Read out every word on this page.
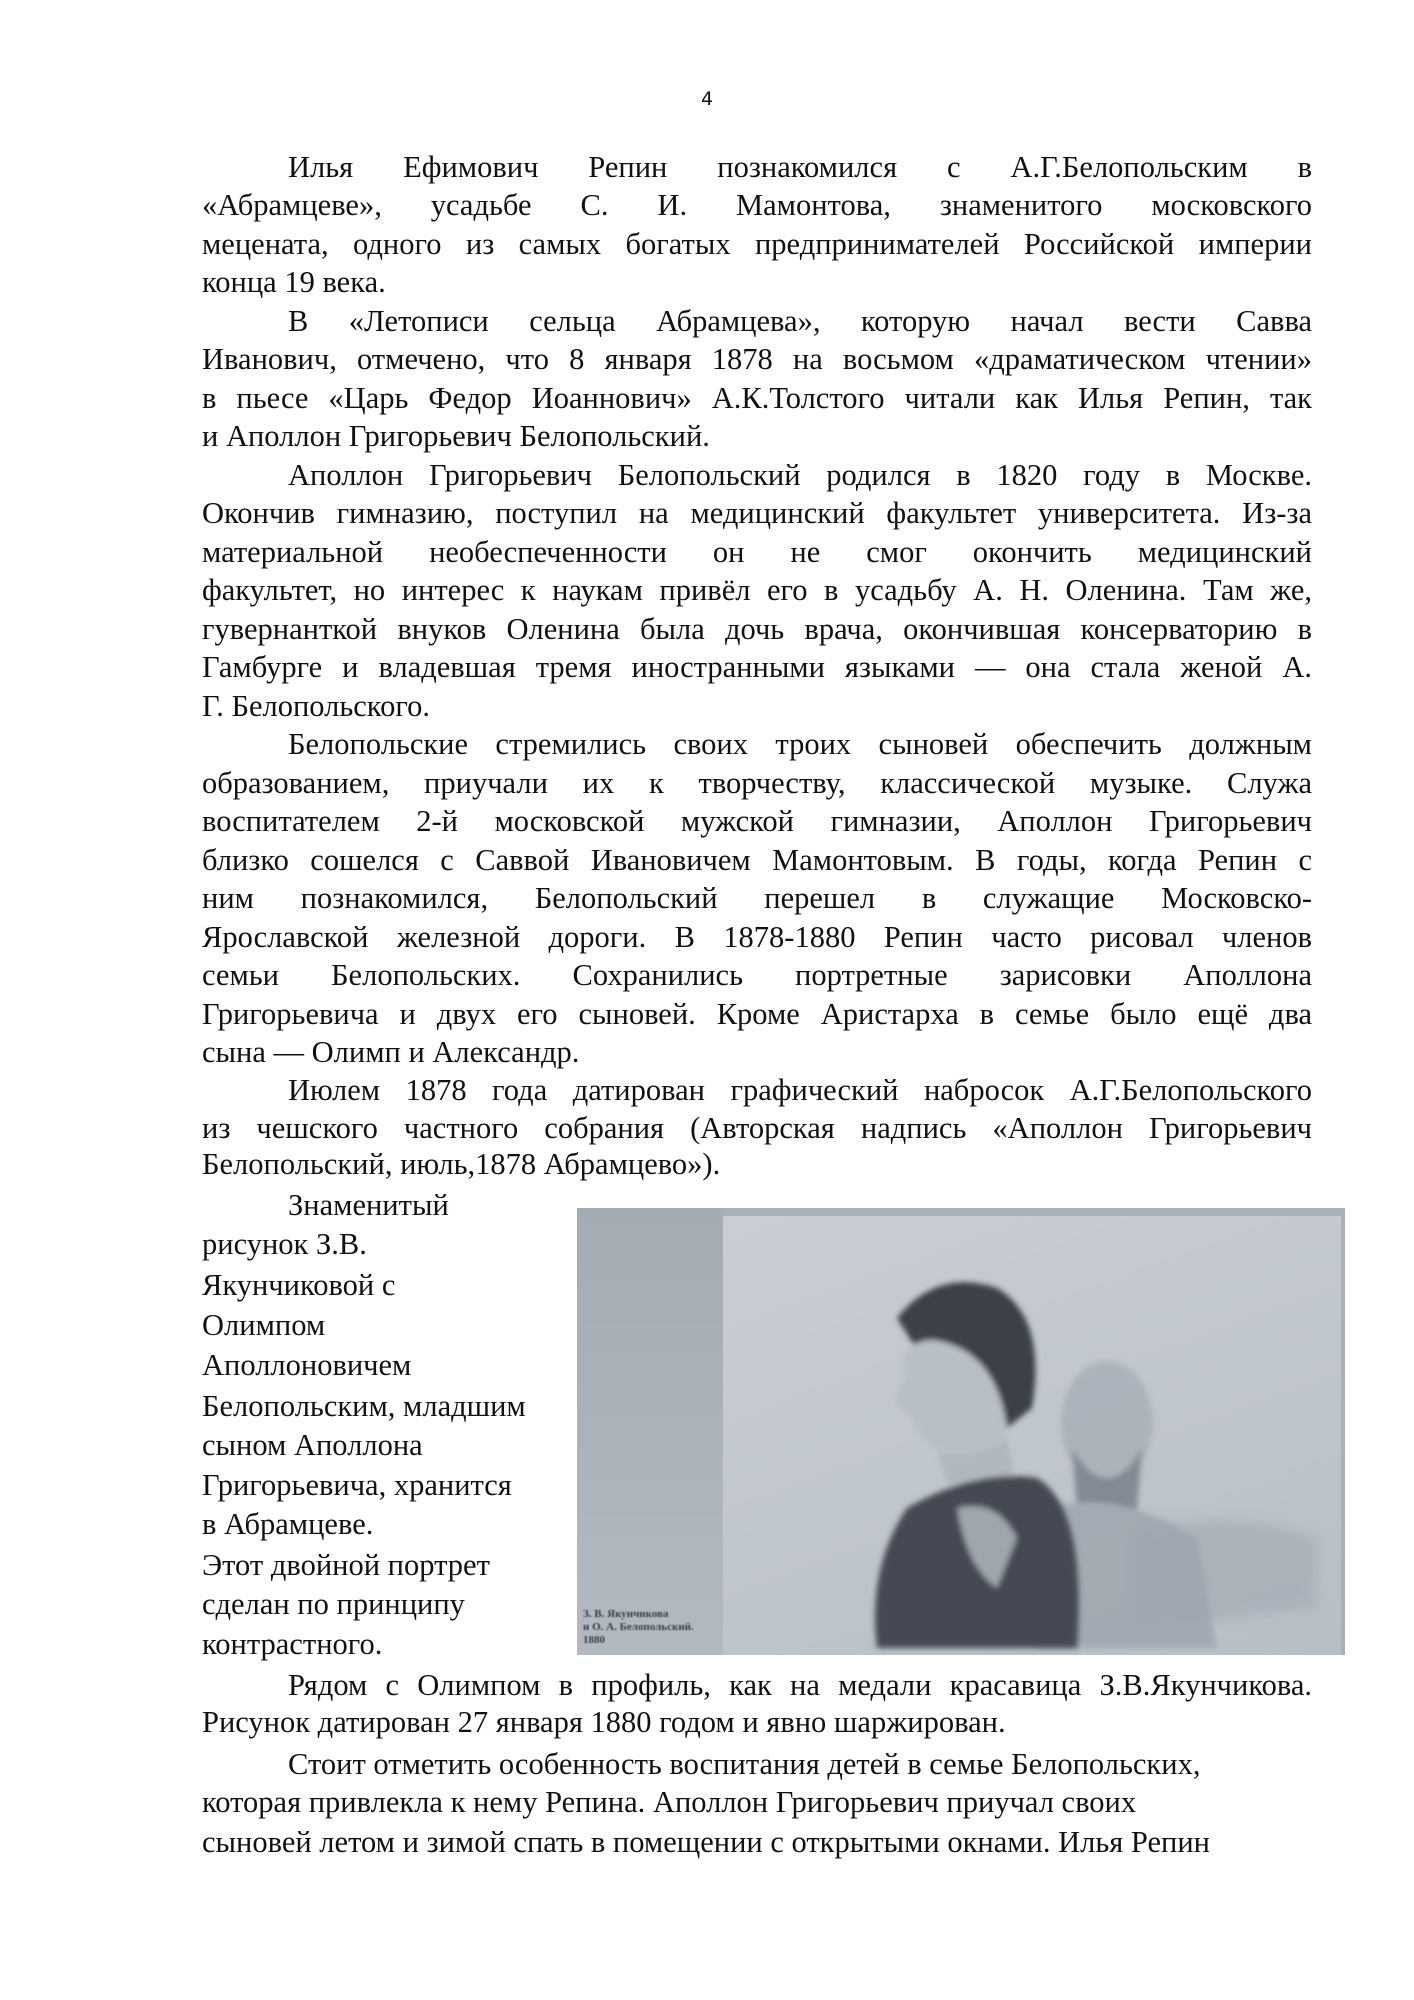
4
Илья Ефимович Репин познакомился с А.Г.Белопольским в
«Абрамцеве», усадьбе С. И. Мамонтова, знаменитого московского
мецената, одного из самых богатых предпринимателей Российской империи
конца 19 века.
В «Летописи сельца Абрамцева», которую начал вести Савва
Иванович, отмечено, что 8 января 1878 на восьмом «драматическом чтении»
в пьесе «Царь Федор Иоаннович» А.К.Толстого читали как Илья Репин, так
и Аполлон Григорьевич Белопольский.
Аполлон Григорьевич Белопольский родился в 1820 году в Москве.
Окончив гимназию, поступил на медицинский факультет университета. Из-за
материальной необеспеченности он не смог окончить медицинский
факультет, но интерес к наукам привёл его в усадьбу А. Н. Оленина. Там же,
гувернанткой внуков Оленина была дочь врача, окончившая консерваторию в
Гамбурге и владевшая тремя иностранными языками — она стала женой А.
Г. Белопольского.
Белопольские стремились своих троих сыновей обеспечить должным
образованием, приучали их к творчеству, классической музыке. Служа
воспитателем 2-й московской мужской гимназии, Аполлон Григорьевич
близко сошелся с Саввой Ивановичем Мамонтовым. В годы, когда Репин с
ним познакомился, Белопольский перешел в служащие Московско-
Ярославской железной дороги. В 1878-1880 Репин часто рисовал членов
семьи Белопольских. Сохранились портретные зарисовки Аполлона
Григорьевича и двух его сыновей. Кроме Аристарха в семье было ещё два
сына — Олимп и Александр.
Июлем 1878 года датирован графический набросок А.Г.Белопольского
из чешского частного собрания (Авторская надпись «Аполлон Григорьевич
Белопольский, июль,1878 Абрамцево»).
Знаменитый
рисунок З.В.
Якунчиковой с
Олимпом
Аполлоновичем
Белопольским, младшим
сыном Аполлона
Григорьевича, хранится
в Абрамцеве.
Этот двойной портрет
сделан по принципу
контрастного.
З. В. Якунчикова
и О. А. Белопольский.
1880
Рядом с Олимпом в профиль, как на медали красавица З.В.Якунчикова.
Рисунок датирован 27 января 1880 годом и явно шаржирован.
Стоит отметить особенность воспитания детей в семье Белопольских,
которая привлекла к нему Репина. Аполлон Григорьевич приучал своих
сыновей летом и зимой спать в помещении с открытыми окнами. Илья Репин
